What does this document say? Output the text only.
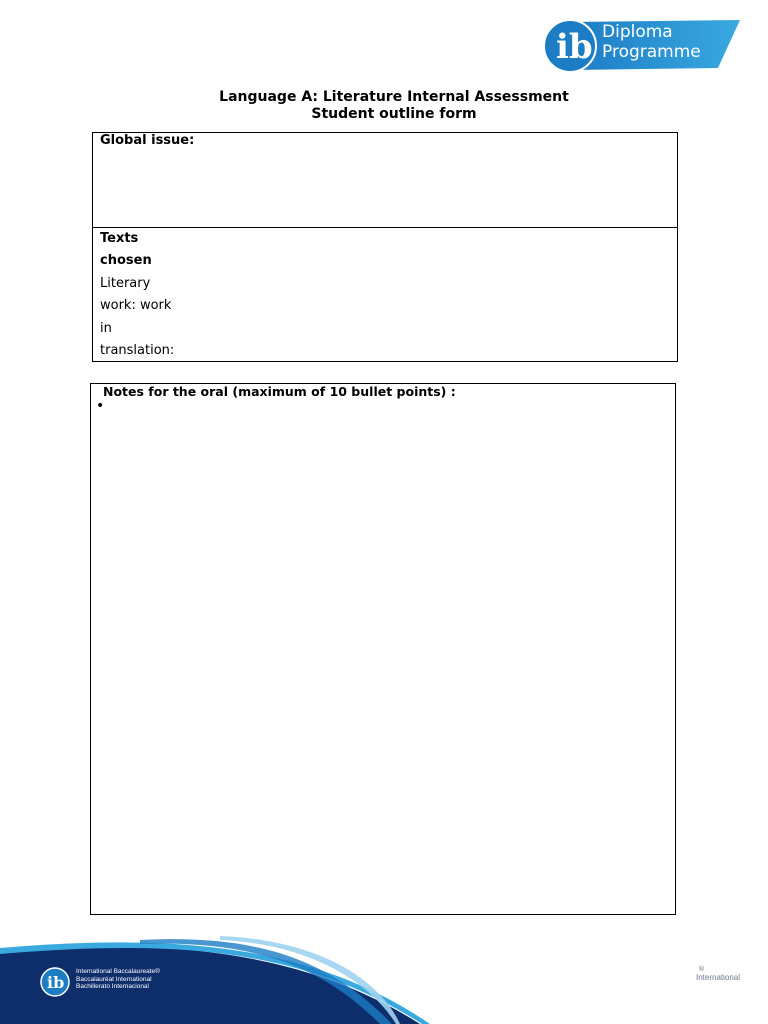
ib Diploma
Programme
Language A: Literature Internal Assessment
Student outline form
Global issue:
Texts
chosen
Literary
work: work
in
translation:
Notes for the oral (maximum of 10 bullet points) :
•
ib
International Baccalaureate®
Baccalauréat International
Bachillerato Internacional
®
International
